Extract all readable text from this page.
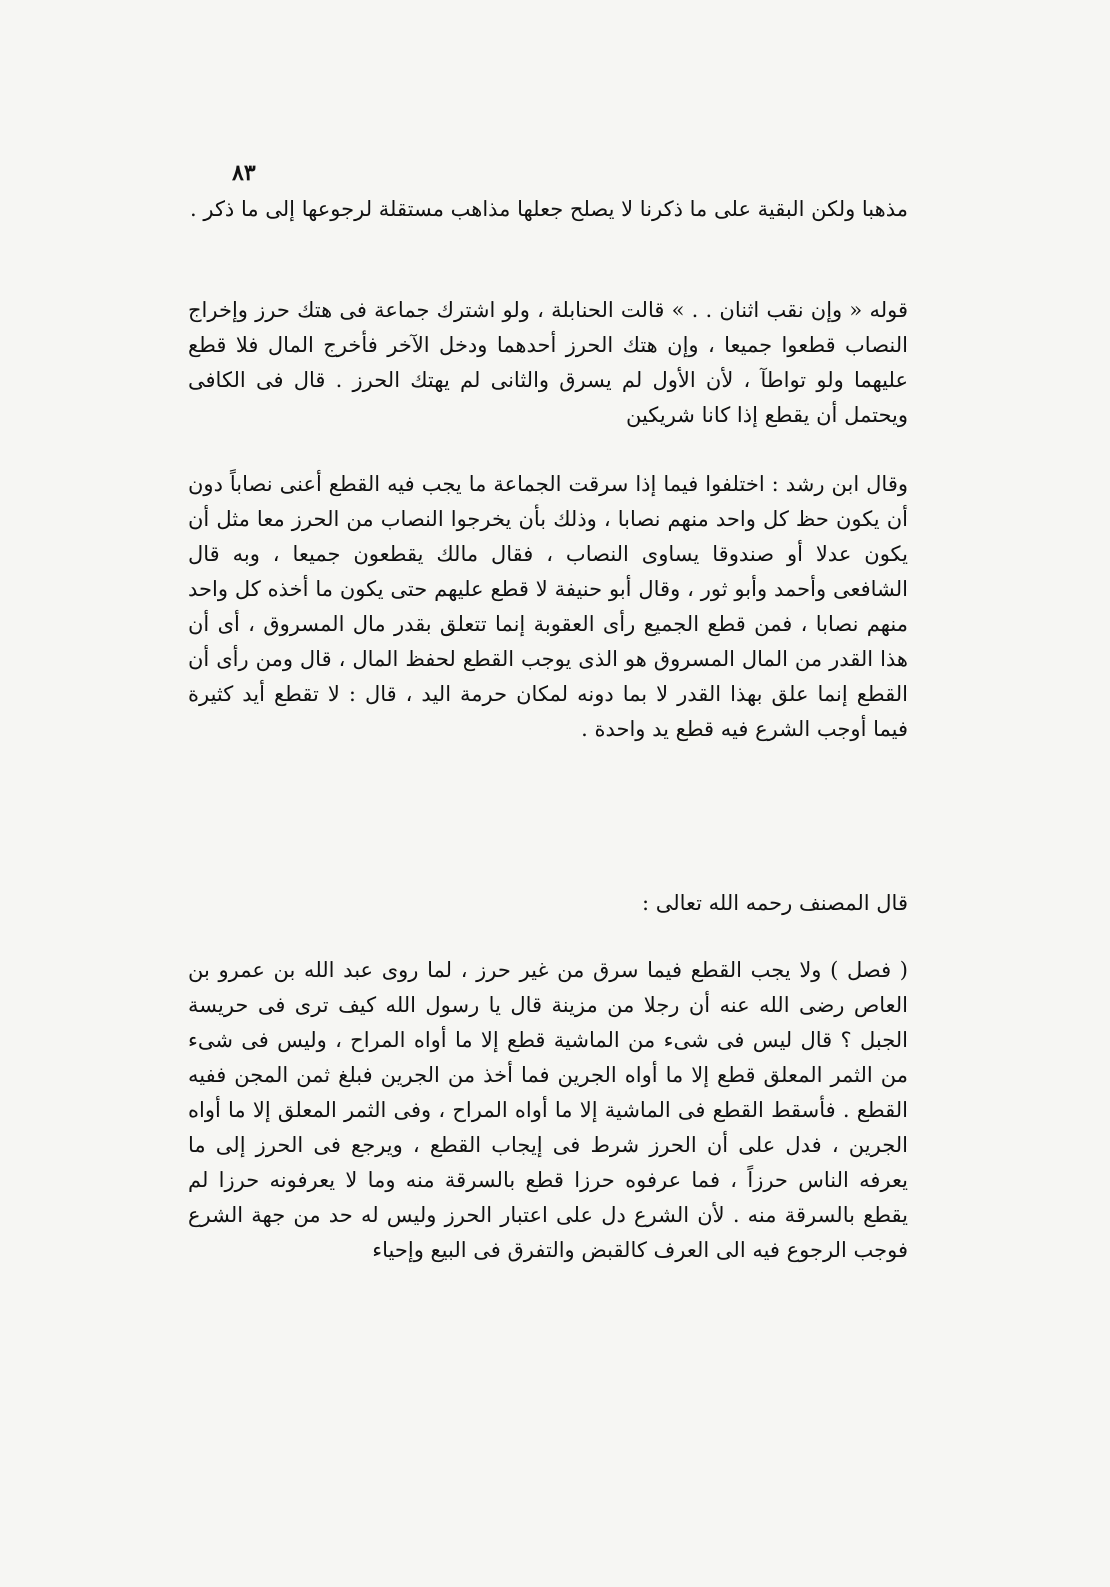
٨٣

مذهبا ولكن البقية على ما ذكرنا لا يصلح جعلها مذاهب مستقلة لرجوعها إلى ما ذكر .

قوله « وإن نقب اثنان . . » قالت الحنابلة ، ولو اشترك جماعة فى هتك حرز وإخراج النصاب قطعوا جميعا ، وإن هتك الحرز أحدهما ودخل الآخر فأخرج المال فلا قطع عليهما ولو تواطآ ، لأن الأول لم يسرق والثانى لم يهتك الحرز . قال فى الكافى ويحتمل أن يقطع إذا كانا شريكين

وقال ابن رشد : اختلفوا فيما إذا سرقت الجماعة ما يجب فيه القطع أعنى نصاباً دون أن يكون حظ كل واحد منهم نصابا ، وذلك بأن يخرجوا النصاب من الحرز معا مثل أن يكون عدلا أو صندوقا يساوى النصاب ، فقال مالك يقطعون جميعا ، وبه قال الشافعى وأحمد وأبو ثور ، وقال أبو حنيفة لا قطع عليهم حتى يكون ما أخذه كل واحد منهم نصابا ، فمن قطع الجميع رأى العقوبة إنما تتعلق بقدر مال المسروق ، أى أن هذا القدر من المال المسروق هو الذى يوجب القطع لحفظ المال ، قال ومن رأى أن القطع إنما علق بهذا القدر لا بما دونه لمكان حرمة اليد ، قال : لا تقطع أيد كثيرة فيما أوجب الشرع فيه قطع يد واحدة .

قال المصنف رحمه الله تعالى :

( فصل ) ولا يجب القطع فيما سرق من غير حرز ، لما روى عبد الله بن عمرو بن العاص رضى الله عنه أن رجلا من مزينة قال يا رسول الله كيف ترى فى حريسة الجبل ؟ قال ليس فى شىء من الماشية قطع إلا ما أواه المراح ، وليس فى شىء من الثمر المعلق قطع إلا ما أواه الجرين فما أخذ من الجرين فبلغ ثمن المجن ففيه القطع . فأسقط القطع فى الماشية إلا ما أواه المراح ، وفى الثمر المعلق إلا ما أواه الجرين ، فدل على أن الحرز شرط فى إيجاب القطع ، ويرجع فى الحرز إلى ما يعرفه الناس حرزاً ، فما عرفوه حرزا قطع بالسرقة منه وما لا يعرفونه حرزا لم يقطع بالسرقة منه . لأن الشرع دل على اعتبار الحرز وليس له حد من جهة الشرع فوجب الرجوع فيه الى العرف كالقبض والتفرق فى البيع وإحياء
